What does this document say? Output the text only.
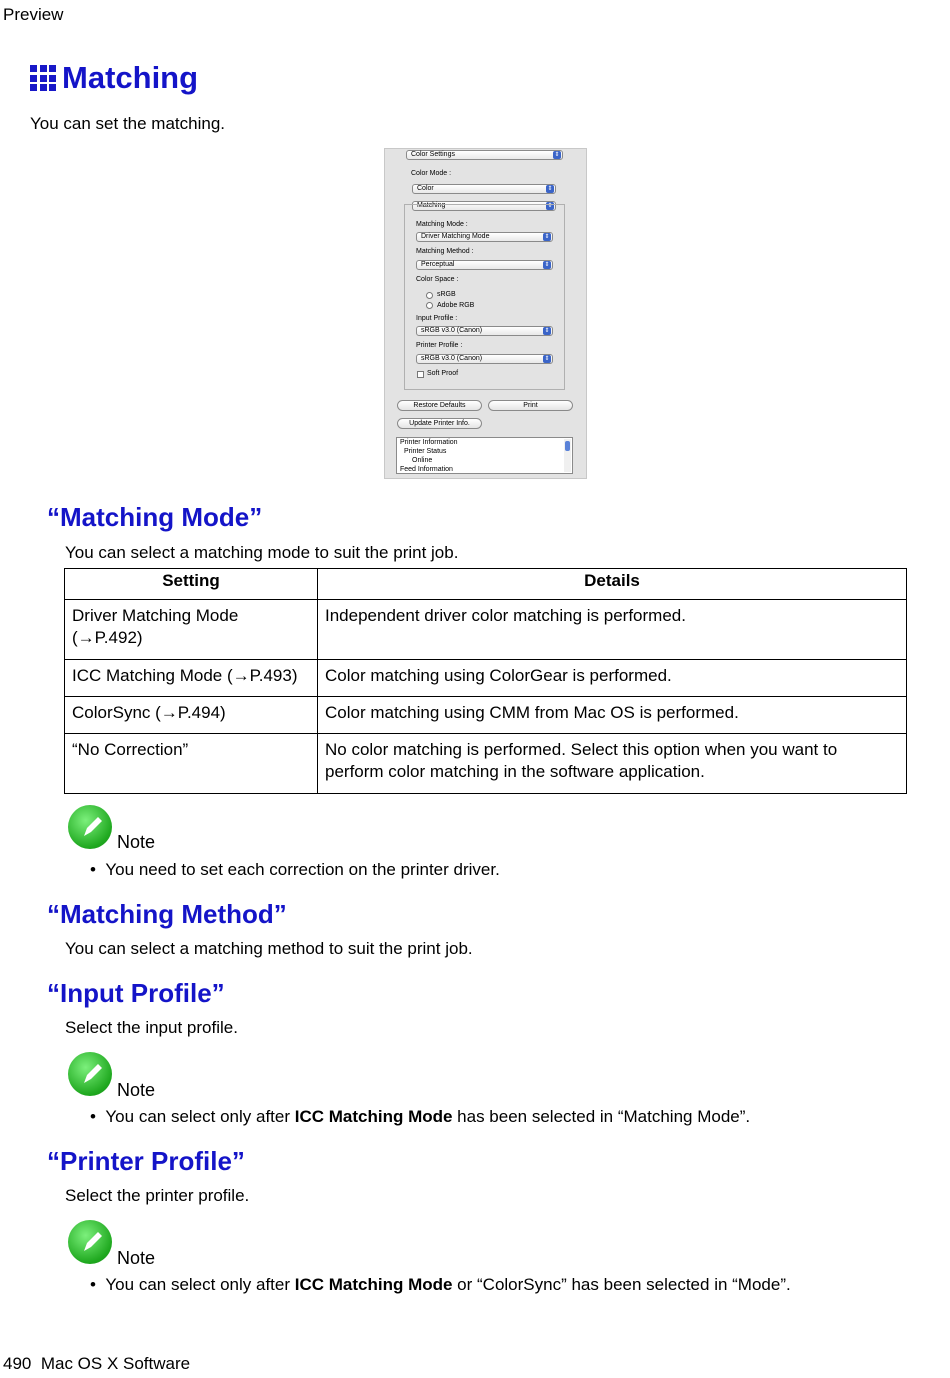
Preview
Matching
You can set the matching.
Color Settings	⇕
Color Mode :
Color	⇕
Matching	⇕
Matching Mode :
Driver Matching Mode	⇕
Matching Method :
Perceptual	⇕
Color Space :
sRGB
Adobe RGB
Input Profile :
sRGB v3.0 (Canon)	⇕
Printer Profile :
sRGB v3.0 (Canon)	⇕
Soft Proof
Restore Defaults	Print
Update Printer Info.
Printer Information
Printer Status
Online
Feed Information
“Matching Mode”
You can select a matching mode to suit the print job.
Setting	Details

Driver Matching Mode
(→P.492)	Independent driver color matching is performed.

ICC Matching Mode (→P.493)	Color matching using ColorGear is performed.
ColorSync (→P.494)	Color matching using CMM from Mac OS is performed.
“No Correction”	No color matching is performed. Select this option when you want to
perform color matching in the software application.
Note
•  You need to set each correction on the printer driver.
“Matching Method”
You can select a matching method to suit the print job.
“Input Profile”
Select the input profile.
Note
•  You can select only after ICC Matching Mode has been selected in “Matching Mode”.
“Printer Profile”
Select the printer profile.
Note
•  You can select only after ICC Matching Mode or “ColorSync” has been selected in “Mode”.
490 Mac OS X Software
